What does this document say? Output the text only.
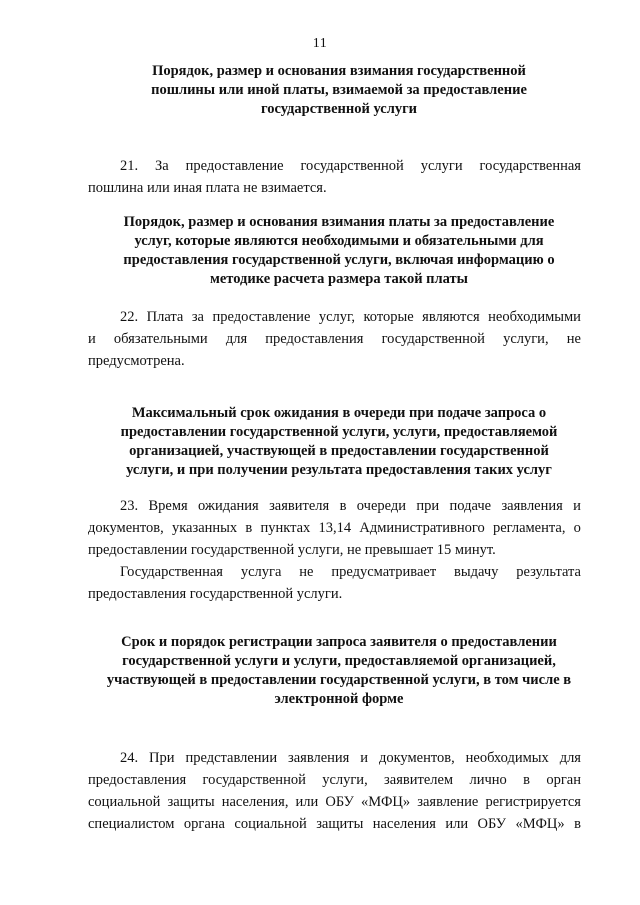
11
Порядок, размер и основания взимания государственной
пошлины или иной платы, взимаемой за предоставление
государственной услуги
21. За предоставление государственной услуги государственная
пошлина или иная плата не взимается.
Порядок, размер и основания взимания платы за предоставление
услуг, которые являются необходимыми и обязательными для
предоставления государственной услуги, включая информацию о
методике расчета размера такой платы
22. Плата за предоставление услуг, которые являются необходимыми
и обязательными для предоставления государственной услуги, не
предусмотрена.
Максимальный срок ожидания в очереди при подаче запроса о
предоставлении государственной услуги, услуги, предоставляемой
организацией, участвующей в предоставлении государственной
услуги, и при получении результата предоставления таких услуг
23. Время ожидания заявителя в очереди при подаче заявления и
документов, указанных в пунктах 13,14 Административного регламента, о
предоставлении государственной услуги, не превышает 15 минут.
Государственная услуга не предусматривает выдачу результата
предоставления государственной услуги.
Срок и порядок регистрации запроса заявителя о предоставлении
государственной услуги и услуги, предоставляемой организацией,
участвующей в предоставлении государственной услуги, в том числе в
электронной форме
24. При представлении заявления и документов, необходимых для
предоставления государственной услуги, заявителем лично в орган
социальной защиты населения, или ОБУ «МФЦ» заявление регистрируется
специалистом органа социальной защиты населения или ОБУ «МФЦ» в
